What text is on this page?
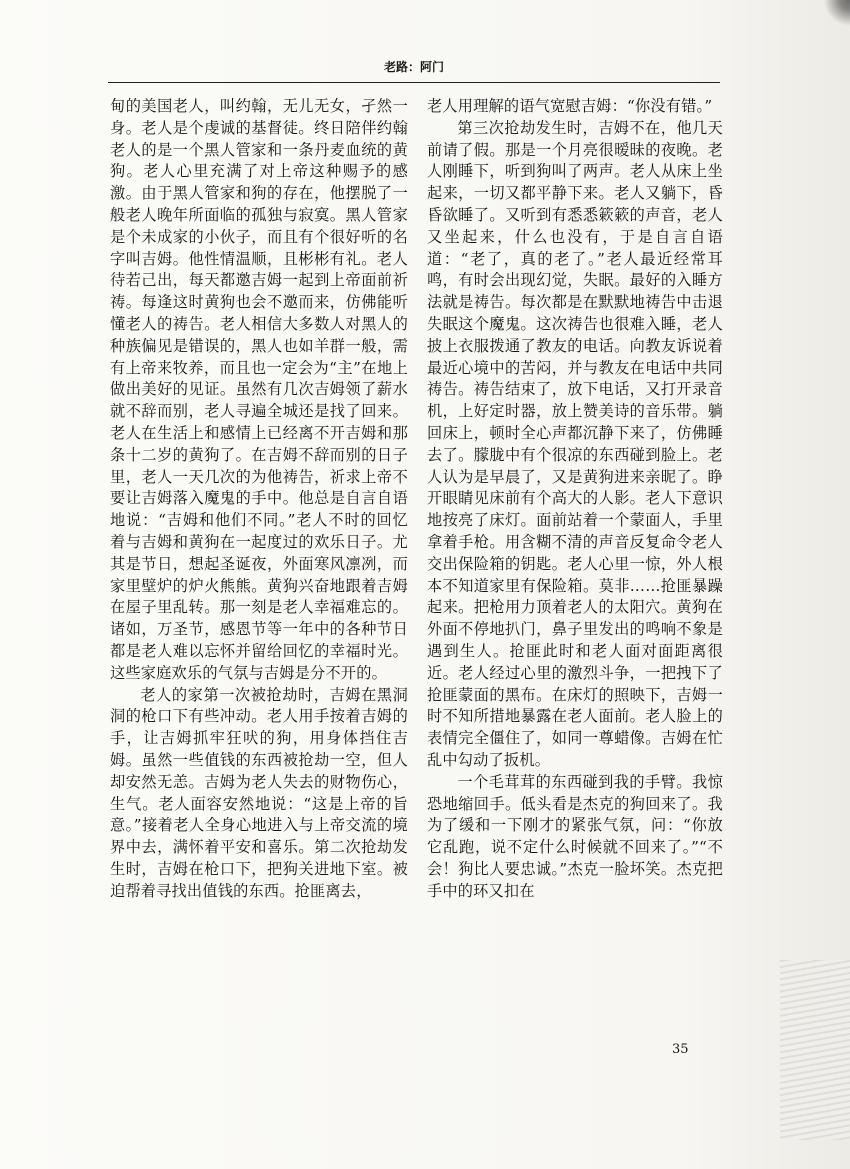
老路：阿门

甸的美国老人，叫约翰，无儿无女，孑然一身。老人是个虔诚的基督徒。终日陪伴约翰老人的是一个黑人管家和一条丹麦血统的黄狗。老人心里充满了对上帝这种赐予的感激。由于黑人管家和狗的存在，他摆脱了一般老人晚年所面临的孤独与寂寞。黑人管家是个未成家的小伙子，而且有个很好听的名字叫吉姆。他性情温顺，且彬彬有礼。老人待若己出，每天都邀吉姆一起到上帝面前祈祷。每逢这时黄狗也会不邀而来，仿佛能听懂老人的祷告。老人相信大多数人对黑人的种族偏见是错误的，黑人也如羊群一般，需有上帝来牧养，而且也一定会为“主”在地上做出美好的见证。虽然有几次吉姆领了薪水就不辞而别，老人寻遍全城还是找了回来。老人在生活上和感情上已经离不开吉姆和那条十二岁的黄狗了。在吉姆不辞而别的日子里，老人一天几次的为他祷告，祈求上帝不要让吉姆落入魔鬼的手中。他总是自言自语地说：“吉姆和他们不同。”老人不时的回忆着与吉姆和黄狗在一起度过的欢乐日子。尤其是节日，想起圣诞夜，外面寒风凛冽，而家里壁炉的炉火熊熊。黄狗兴奋地跟着吉姆在屋子里乱转。那一刻是老人幸福难忘的。诸如，万圣节，感恩节等一年中的各种节日都是老人难以忘怀并留给回忆的幸福时光。这些家庭欢乐的气氛与吉姆是分不开的。

老人的家第一次被抢劫时，吉姆在黑洞洞的枪口下有些冲动。老人用手按着吉姆的手，让吉姆抓牢狂吠的狗，用身体挡住吉姆。虽然一些值钱的东西被抢劫一空，但人却安然无恙。吉姆为老人失去的财物伤心，生气。老人面容安然地说：“这是上帝的旨意。”接着老人全身心地进入与上帝交流的境界中去，满怀着平安和喜乐。第二次抢劫发生时，吉姆在枪口下，把狗关进地下室。被迫帮着寻找出值钱的东西。抢匪离去，

老人用理解的语气宽慰吉姆：“你没有错。”

第三次抢劫发生时，吉姆不在，他几天前请了假。那是一个月亮很暧昧的夜晚。老人刚睡下，听到狗叫了两声。老人从床上坐起来，一切又都平静下来。老人又躺下，昏昏欲睡了。又听到有悉悉簌簌的声音，老人又坐起来，什么也没有，于是自言自语道：“老了，真的老了。”老人最近经常耳鸣，有时会出现幻觉，失眠。最好的入睡方法就是祷告。每次都是在默默地祷告中击退失眠这个魔鬼。这次祷告也很难入睡，老人披上衣服拨通了教友的电话。向教友诉说着最近心境中的苦闷，并与教友在电话中共同祷告。祷告结束了，放下电话，又打开录音机，上好定时器，放上赞美诗的音乐带。躺回床上，顿时全心声都沉静下来了，仿佛睡去了。朦胧中有个很凉的东西碰到脸上。老人认为是早晨了，又是黄狗进来亲昵了。睁开眼睛见床前有个高大的人影。老人下意识地按亮了床灯。面前站着一个蒙面人，手里拿着手枪。用含糊不清的声音反复命令老人交出保险箱的钥匙。老人心里一惊，外人根本不知道家里有保险箱。莫非……抢匪暴躁起来。把枪用力顶着老人的太阳穴。黄狗在外面不停地扒门，鼻子里发出的鸣响不象是遇到生人。抢匪此时和老人面对面距离很近。老人经过心里的激烈斗争，一把拽下了抢匪蒙面的黑布。在床灯的照映下，吉姆一时不知所措地暴露在老人面前。老人脸上的表情完全僵住了，如同一尊蜡像。吉姆在忙乱中勾动了扳机。

一个毛茸茸的东西碰到我的手臂。我惊恐地缩回手。低头看是杰克的狗回来了。我为了缓和一下刚才的紧张气氛，问：“你放它乱跑，说不定什么时候就不回来了。”“不会！狗比人要忠诚。”杰克一脸坏笑。杰克把手中的环又扣在

35
